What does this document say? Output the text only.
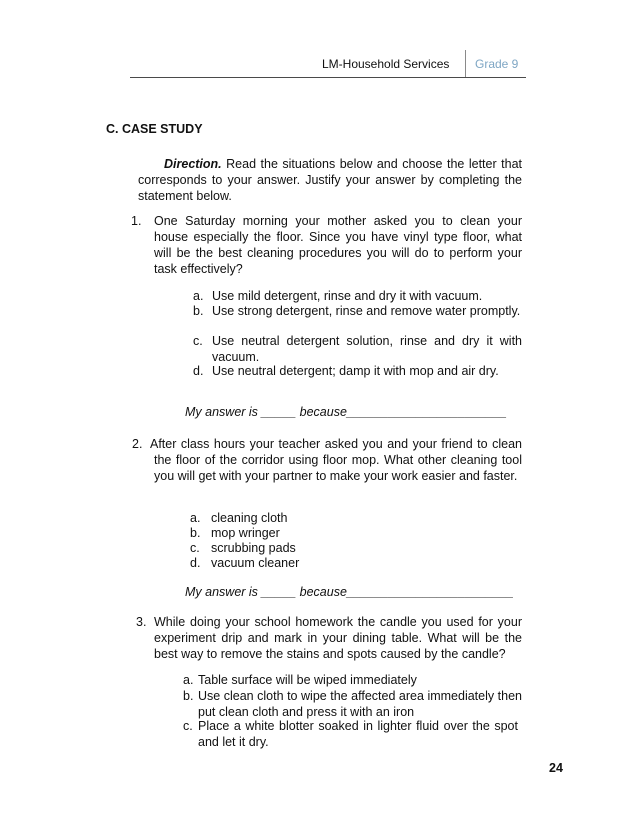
LM-Household Services Grade 9
C. CASE STUDY
Direction. Read the situations below and choose the letter that corresponds to your answer. Justify your answer by completing the statement below.
1. One Saturday morning your mother asked you to clean your house especially the floor. Since you have vinyl type floor, what will be the best cleaning procedures you will do to perform your task effectively?
a. Use mild detergent, rinse and dry it with vacuum.
b. Use strong detergent, rinse and remove water promptly.
c. Use neutral detergent solution, rinse and dry it with vacuum.
d. Use neutral detergent; damp it with mop and air dry.
My answer is _____ because_______________________
2. After class hours your teacher asked you and your friend to clean the floor of the corridor using floor mop. What other cleaning tool you will get with your partner to make your work easier and faster.
a. cleaning cloth
b. mop wringer
c. scrubbing pads
d. vacuum cleaner
My answer is _____ because________________________
3. While doing your school homework the candle you used for your experiment drip and mark in your dining table. What will be the best way to remove the stains and spots caused by the candle?
a. Table surface will be wiped immediately
b. Use clean cloth to wipe the affected area immediately then put clean cloth and press it with an iron
c. Place a white blotter soaked in lighter fluid over the spot and let it dry.
24
